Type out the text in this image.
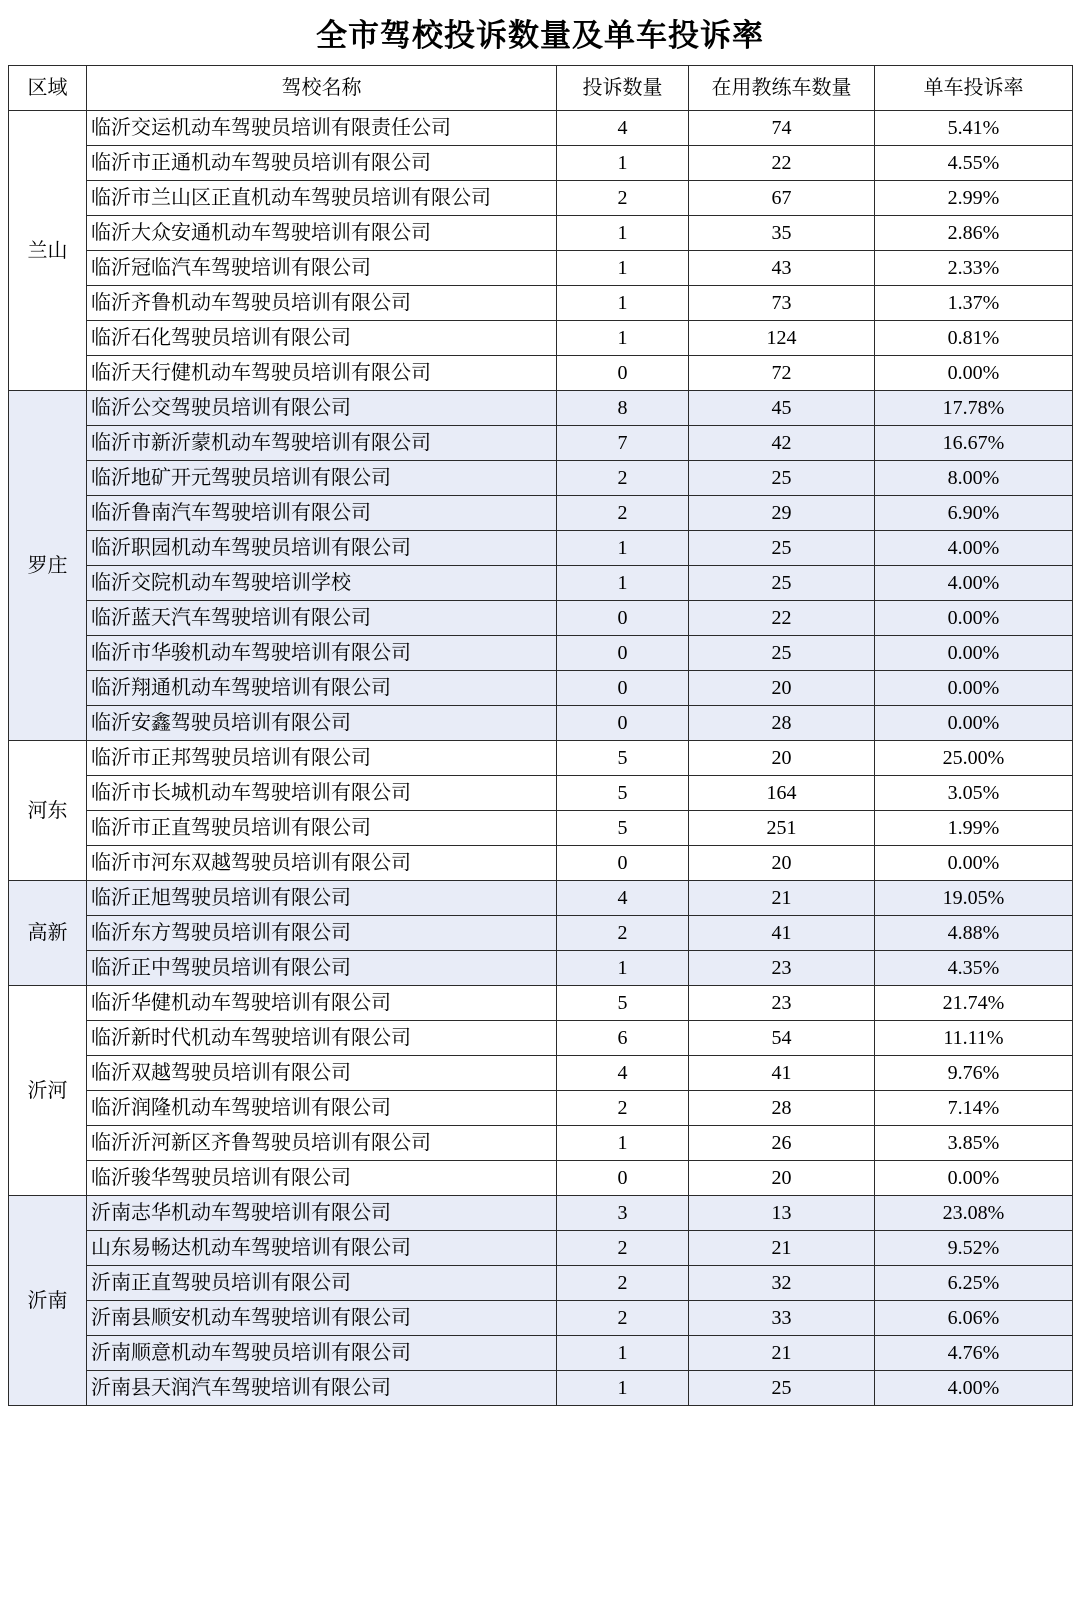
全市驾校投诉数量及单车投诉率
区域	驾校名称	投诉数量	在用教练车数量	单车投诉率
兰山	临沂交运机动车驾驶员培训有限责任公司	4	74	5.41%
	临沂市正通机动车驾驶员培训有限公司	1	22	4.55%
	临沂市兰山区正直机动车驾驶员培训有限公司	2	67	2.99%
	临沂大众安通机动车驾驶培训有限公司	1	35	2.86%
	临沂冠临汽车驾驶培训有限公司	1	43	2.33%
	临沂齐鲁机动车驾驶员培训有限公司	1	73	1.37%
	临沂石化驾驶员培训有限公司	1	124	0.81%
	临沂天行健机动车驾驶员培训有限公司	0	72	0.00%
罗庄	临沂公交驾驶员培训有限公司	8	45	17.78%
	临沂市新沂蒙机动车驾驶培训有限公司	7	42	16.67%
	临沂地矿开元驾驶员培训有限公司	2	25	8.00%
	临沂鲁南汽车驾驶培训有限公司	2	29	6.90%
	临沂职园机动车驾驶员培训有限公司	1	25	4.00%
	临沂交院机动车驾驶培训学校	1	25	4.00%
	临沂蓝天汽车驾驶培训有限公司	0	22	0.00%
	临沂市华骏机动车驾驶培训有限公司	0	25	0.00%
	临沂翔通机动车驾驶培训有限公司	0	20	0.00%
	临沂安鑫驾驶员培训有限公司	0	28	0.00%
河东	临沂市正邦驾驶员培训有限公司	5	20	25.00%
	临沂市长城机动车驾驶培训有限公司	5	164	3.05%
	临沂市正直驾驶员培训有限公司	5	251	1.99%
	临沂市河东双越驾驶员培训有限公司	0	20	0.00%
高新	临沂正旭驾驶员培训有限公司	4	21	19.05%
	临沂东方驾驶员培训有限公司	2	41	4.88%
	临沂正中驾驶员培训有限公司	1	23	4.35%
沂河	临沂华健机动车驾驶培训有限公司	5	23	21.74%
	临沂新时代机动车驾驶培训有限公司	6	54	11.11%
	临沂双越驾驶员培训有限公司	4	41	9.76%
	临沂润隆机动车驾驶培训有限公司	2	28	7.14%
	临沂沂河新区齐鲁驾驶员培训有限公司	1	26	3.85%
	临沂骏华驾驶员培训有限公司	0	20	0.00%
沂南	沂南志华机动车驾驶培训有限公司	3	13	23.08%
	山东易畅达机动车驾驶培训有限公司	2	21	9.52%
	沂南正直驾驶员培训有限公司	2	32	6.25%
	沂南县顺安机动车驾驶培训有限公司	2	33	6.06%
	沂南顺意机动车驾驶员培训有限公司	1	21	4.76%
	沂南县天润汽车驾驶培训有限公司	1	25	4.00%
